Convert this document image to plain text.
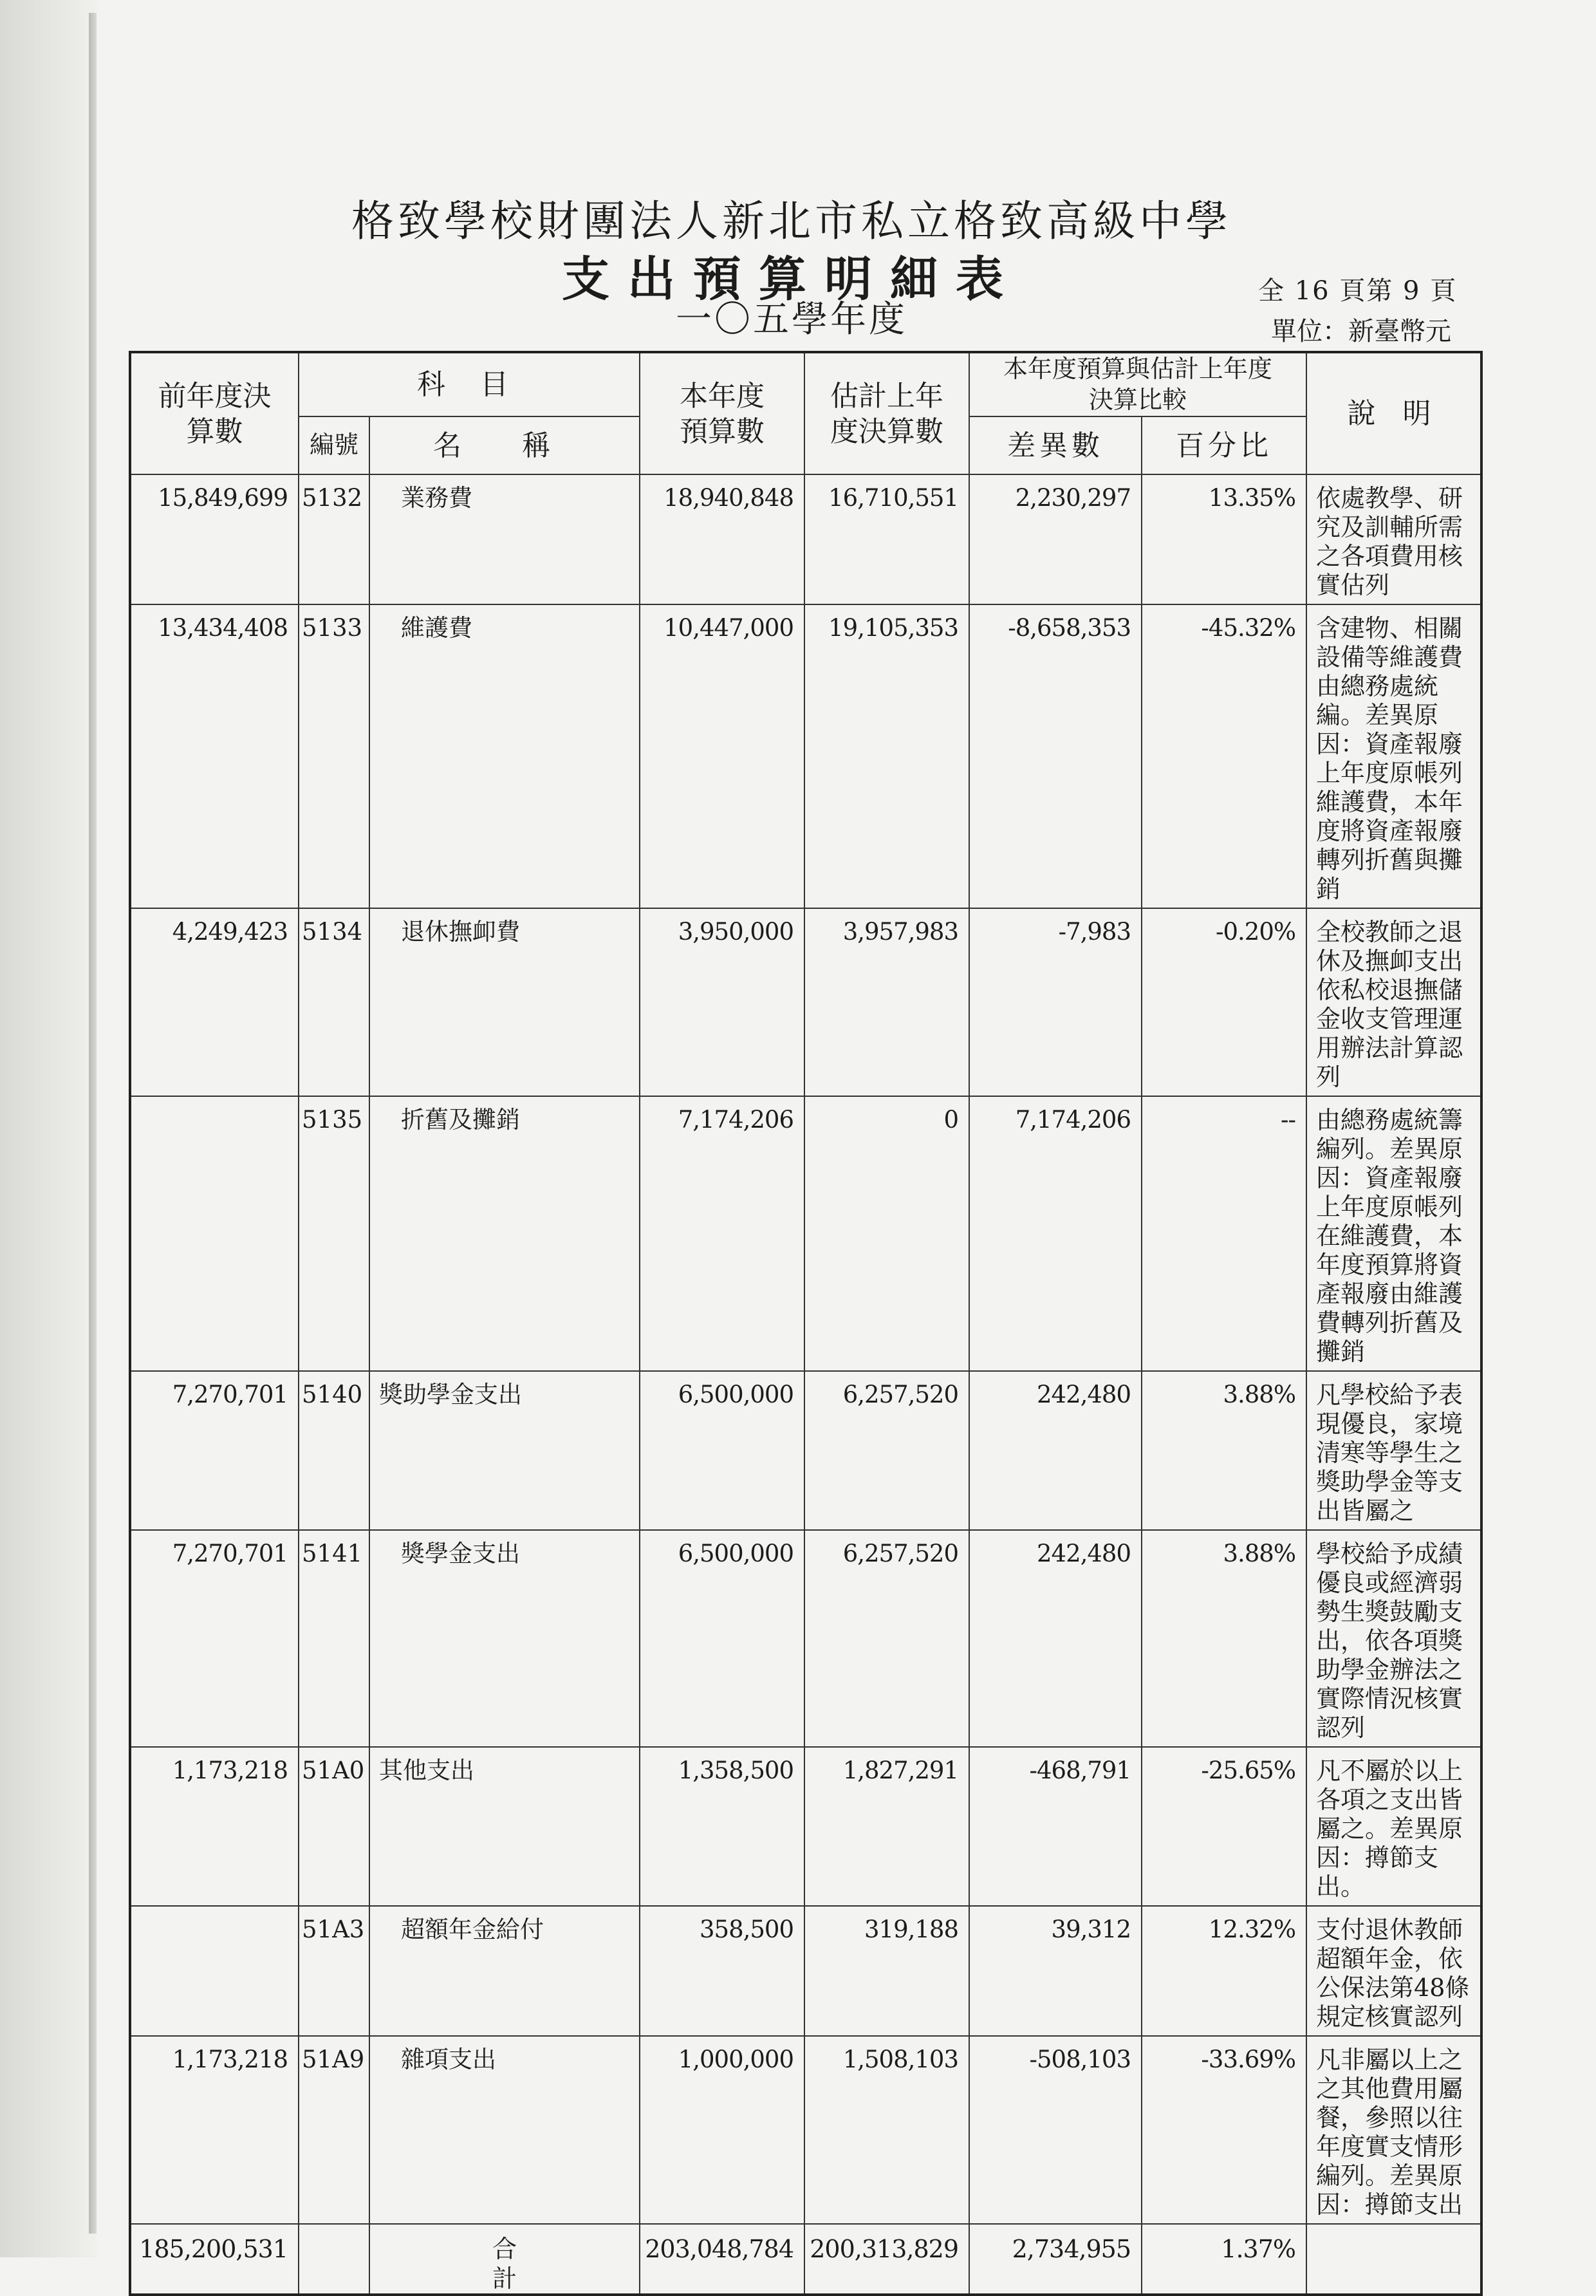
格致學校財團法人新北市私立格致高級中學
支出預算明細表
一〇五學年度
全 16 頁第 9 頁
單位：新臺幣元
前年度決算數	科 目		本年度預算數	估計上年度決算數	本年度預算與估計上年度決算比較		說 明
	編號	名 稱			差異數	百分比	
15,849,699	5132	業務費	18,940,848	16,710,551	2,230,297	13.35%	依處教學、研究及訓輔所需之各項費用核實估列
13,434,408	5133	維護費	10,447,000	19,105,353	-8,658,353	-45.32%	含建物、相關設備等維護費由總務處統編。差異原因：資產報廢上年度原帳列維護費，本年度將資產報廢轉列折舊與攤銷
4,249,423	5134	退休撫卹費	3,950,000	3,957,983	-7,983	-0.20%	全校教師之退休及撫卹支出依私校退撫儲金收支管理運用辦法計算認列
	5135	折舊及攤銷	7,174,206	0	7,174,206	--	由總務處統籌編列。差異原因：資產報廢上年度原帳列在維護費，本年度預算將資產報廢由維護費轉列折舊及攤銷
7,270,701	5140	獎助學金支出	6,500,000	6,257,520	242,480	3.88%	凡學校給予表現優良，家境清寒等學生之獎助學金等支出皆屬之
7,270,701	5141	獎學金支出	6,500,000	6,257,520	242,480	3.88%	學校給予成績優良或經濟弱勢生獎鼓勵支出，依各項獎助學金辦法之實際情況核實認列
1,173,218	51A0	其他支出	1,358,500	1,827,291	-468,791	-25.65%	凡不屬於以上各項之支出皆屬之。差異原因：撙節支出。
	51A3	超額年金給付	358,500	319,188	39,312	12.32%	支付退休教師超額年金，依公保法第48條規定核實認列
1,173,218	51A9	雜項支出	1,000,000	1,508,103	-508,103	-33.69%	凡非屬以上之之其他費用屬餐，參照以往年度實支情形編列。差異原因：撙節支出
185,200,531		合計	203,048,784	200,313,829	2,734,955	1.37%	
